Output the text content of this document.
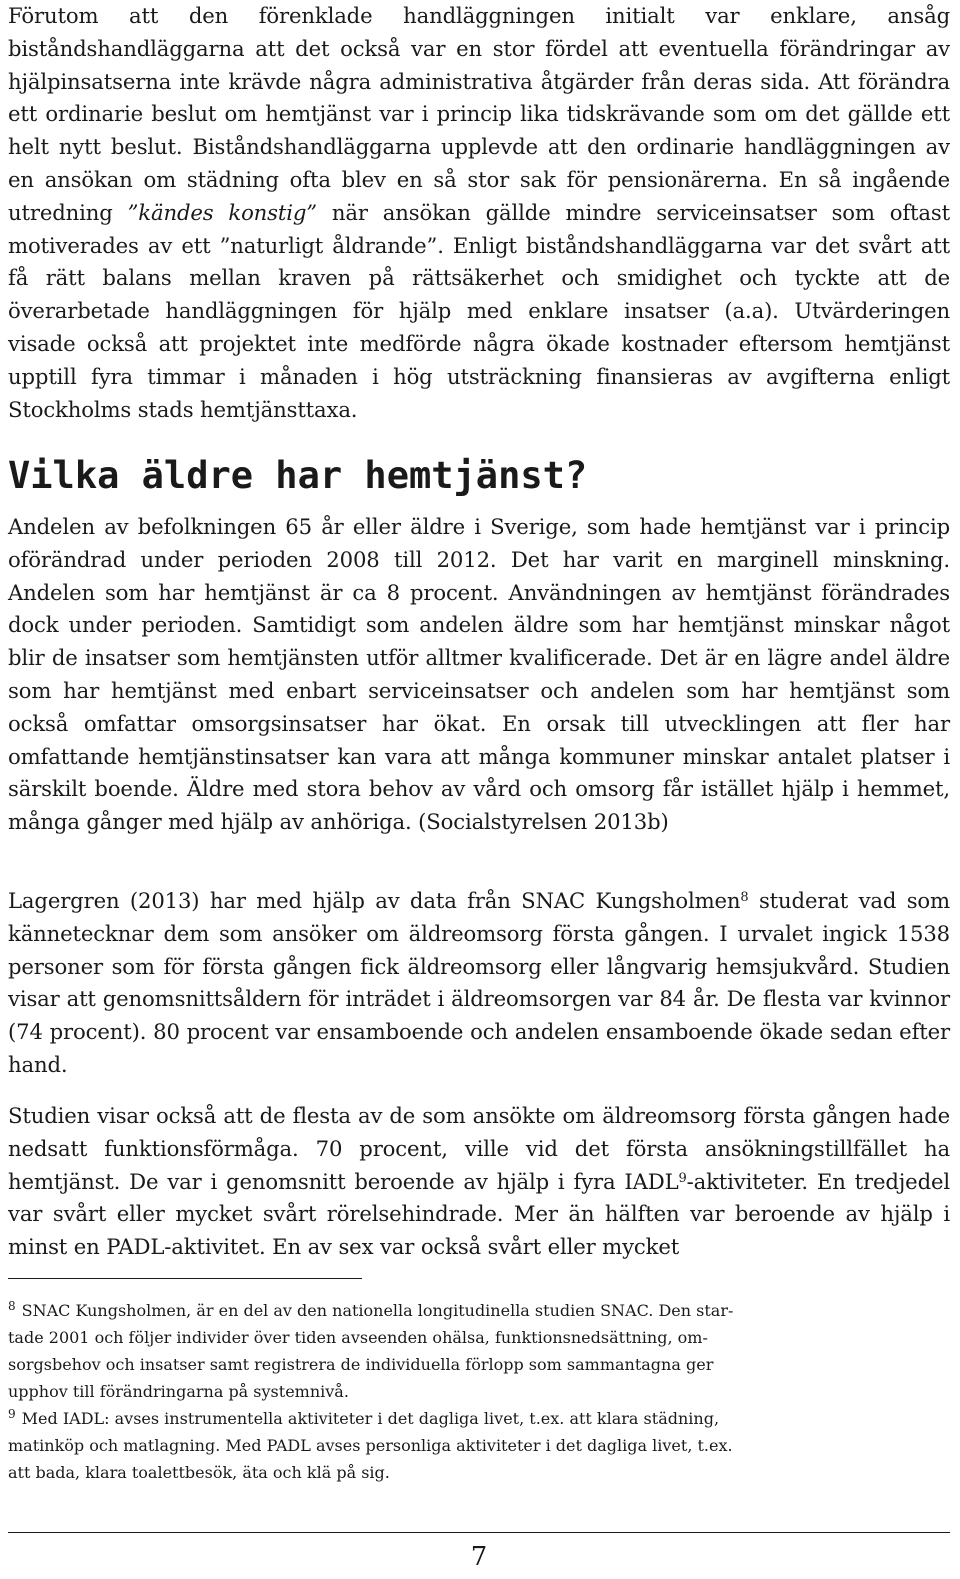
Förutom att den förenklade handläggningen initialt var enklare, ansåg biståndshandläggarna att det också var en stor fördel att eventuella förändringar av hjälpinsatserna inte krävde några administrativa åtgärder från deras sida. Att förändra ett ordinarie beslut om hemtjänst var i princip lika tidskrävande som om det gällde ett helt nytt beslut. Biståndshandläggarna upplevde att den ordinarie handläggningen av en ansökan om städning ofta blev en så stor sak för pensionärerna. En så ingående utredning ”kändes konstig” när ansökan gällde mindre serviceinsatser som oftast motiverades av ett ”naturligt åldrande”. Enligt biståndshandläggarna var det svårt att få rätt balans mellan kraven på rättsäkerhet och smidighet och tyckte att de överarbetade handläggningen för hjälp med enklare insatser (a.a). Utvärderingen visade också att projektet inte medförde några ökade kostnader eftersom hemtjänst upptill fyra timmar i månaden i hög utsträckning finansieras av avgifterna enligt Stockholms stads hemtjänsttaxa.

Vilka äldre har hemtjänst?

Andelen av befolkningen 65 år eller äldre i Sverige, som hade hemtjänst var i princip oförändrad under perioden 2008 till 2012. Det har varit en marginell minskning. Andelen som har hemtjänst är ca 8 procent. Användningen av hemtjänst förändrades dock under perioden. Samtidigt som andelen äldre som har hemtjänst minskar något blir de insatser som hemtjänsten utför alltmer kvalificerade. Det är en lägre andel äldre som har hemtjänst med enbart serviceinsatser och andelen som har hemtjänst som också omfattar omsorgsinsatser har ökat. En orsak till utvecklingen att fler har omfattande hemtjänstinsatser kan vara att många kommuner minskar antalet platser i särskilt boende. Äldre med stora behov av vård och omsorg får istället hjälp i hemmet, många gånger med hjälp av anhöriga. (Socialstyrelsen 2013b)

Lagergren (2013) har med hjälp av data från SNAC Kungsholmen$^8$ studerat vad som kännetecknar dem som ansöker om äldreomsorg första gången. I urvalet ingick 1538 personer som för första gången fick äldreomsorg eller långvarig hemsjukvård. Studien visar att genomsnittsåldern för inträdet i äldreomsorgen var 84 år. De flesta var kvinnor (74 procent). 80 procent var ensamboende och andelen ensamboende ökade sedan efter hand.

Studien visar också att de flesta av de som ansökte om äldreomsorg första gången hade nedsatt funktionsförmåga. 70 procent, ville vid det första ansökningstillfället ha hemtjänst. De var i genomsnitt beroende av hjälp i fyra IADL$^9$-aktiviteter. En tredjedel var svårt eller mycket svårt rörelsehindrade. Mer än hälften var beroende av hjälp i minst en PADL-aktivitet. En av sex var också svårt eller mycket

$^8$ SNAC Kungsholmen, är en del av den nationella longitudinella studien SNAC. Den star-

tade 2001 och följer individer över tiden avseenden ohälsa, funktionsnedsättning, om-

sorgsbehov och insatser samt registrera de individuella förlopp som sammantagna ger

upphov till förändringarna på systemnivå.

$^9$ Med IADL: avses instrumentella aktiviteter i det dagliga livet, t.ex. att klara städning,

matinköp och matlagning. Med PADL avses personliga aktiviteter i det dagliga livet, t.ex.

att bada, klara toalettbesök, äta och klä på sig.

7
